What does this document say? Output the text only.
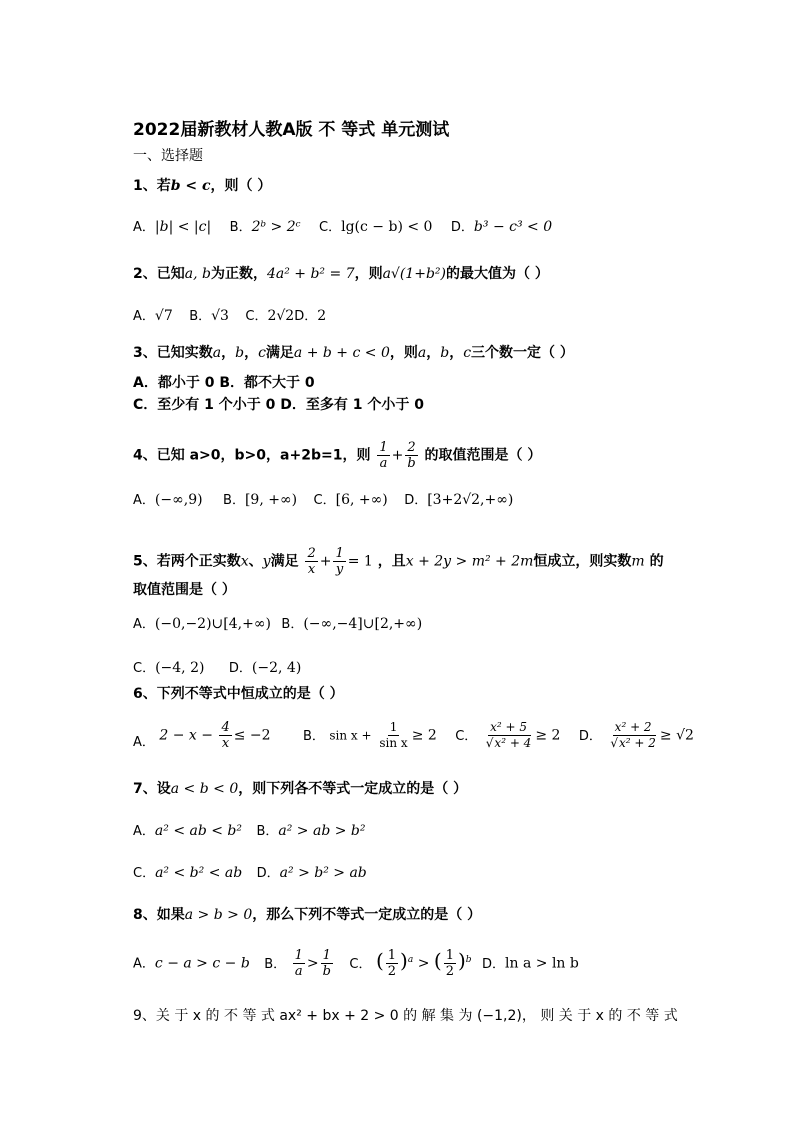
2022届新教材人教A版 不 等式 单元测试
一、选择题
1、若b < c，则（ ）
A．|b| < |c| B．2ᵇ > 2ᶜ C．lg(c − b) < 0 D．b³ − c³ < 0
2、已知a, b为正数，4a² + b² = 7，则a√(1+b²)的最大值为（ ）
A．√7 B．√3 C．2√2D．2
3、已知实数a，b，c满足a + b + c < 0，则a，b，c三个数一定（ ）
A．都小于 0 B．都不大于 0
C．至少有 1 个小于 0 D．至多有 1 个小于 0
4、已知 a>0，b>0，a+2b=1，则 $\frac{1}{a} + \frac{2}{b}$ 的取值范围是（ ）
A．(−∞,9) B．[9, +∞) C．[6, +∞) D．[3+2√2,+∞)
5、若两个正实数x、y满足 $\frac{2}{x} + \frac{1}{y} = 1$ ，且x + 2y > m² + 2m恒成立，则实数m 的
取值范围是（ ）
A．(−0,−2)∪[4,+∞) B．(−∞,−4]∪[2,+∞)
C．(−4, 2) D．(−2, 4)
6、下列不等式中恒成立的是（ ）
A． $2 - x - \frac{4}{x} \le -2$ B． $\sin x + \frac{1}{\text{sin x}} \ge 2$ C． $\frac{\text{x² + 5}}{\text{√x² + 4}} \ge 2$ D． $\frac{\text{x² + 2}}{\text{√x² + 2}} \ge √2$
7、设a < b < 0，则下列各不等式一定成立的是（ ）
A．a² < ab < b² B．a² > ab > b²
C．a² < b² < ab D．a² > b² > ab
8、如果a > b > 0，那么下列不等式一定成立的是（ ）
A．c − a > c − b B． $\frac{1}{a} > \frac{1}{b}$ C． ( $\frac{1}{2} )^a$ > ( $\frac{1}{2} )^b$ D．ln a > ln b
9、关 于 x 的 不 等 式 ax² + bx + 2 > 0 的 解 集 为 (−1,2)， 则 关 于 x 的 不 等 式
